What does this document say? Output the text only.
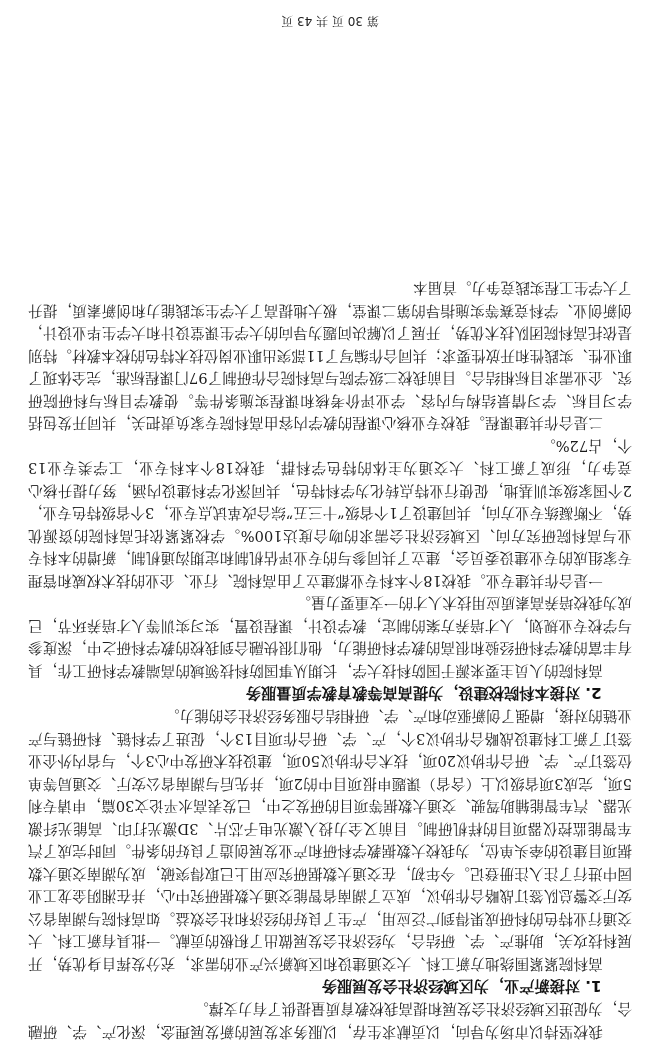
我校坚持以市场为导向，以贡献求生存，以服务求发展的新发展理念，深化产、学、研融合，为促进区域经济社会发展和提高我校教育质量提供了有力支撑。

1. 对接新产业，为区域经济社会发展服务

高科院紧紧围绕地方新工科、大交通建设和区域新兴产业的需求，充分发挥自身优势，开展科技攻关，助推产、学、研结合，为经济社会发展做出了积极的贡献。一批具有新工科、大交通行业特色的科研成果得到广泛应用，产生了良好的经济和社会效益。如高科院与湖南省公安厅交警总队签订战略合作协议，成立了湖南省智能交通大数据研究中心，并在湘阴金龙工业园中进行了注入注册登记。今年初，在交通大数据研究应用上已取得突破，成为湖南交通大数据项目建设的牵头单位，为我校大数据教学科研和产业发展创造了良好的条件。同时完成了汽车智能监控仪器项目的样机研制。目前又全力投入激光电子芯片、3D激光打印、高能光纤激光器、汽车智能辅助驾驶、交通大数据等项目的研发之中，已发表高水平论文30篇，申请专利5项，完成3项省级以上（含省）课题申报项目中的2项，并先后与湖南省公安厅、交通局等单位签订产、学、研合作协议20项，技术合作协议50项，建设技术研发中心3个，与省内外企业签订了新工科建设战略合作协议3个，产、学、研合作项目13个，促进了学科链、科研链与产业链的对接，增强了创新驱动和产、学、研相结合服务经济社会的能力。

2. 对接本科院校建设，为提高高等教育教学质量服务

高科院的人员主要来源于国防科技大学，长期从事国防科技领域的高端教学科研工作，具有丰富的教学科研经验和很高的教学科研能力，他们很快融合到我校的教学科研之中，深度参与学校专业规划，人才培养方案的制定，教学设计，课程设置，实习实训等人才培养环节，已成为我校培养高素质应用技术人才的一支重要力量。

一是合作共建专业。我校18个本科专业都建立了由高科院、行业、企业的技术权威和管理专家组成的专业建设委员会，建立了共同参与的专业评估机制和定期沟通机制，新增的本科专业与高科院研究方向、区域经济社会需求的吻合度达100%。学校紧紧依托高科院的资源优势，不断凝练专业方向，共同建设了1个省级“十三五”综合改革试点专业，3个省级特色专业，2个国家级实训基地，促使行业特点转化为学科特色，共同深化学科建设内涵，努力提升核心竞争力，形成了新工科、大交通为主体的特色学科群，我校18个本科专业，工学类专业13个，占72%。

二是合作共建课程。我校专业核心课程的教学内容由高科院专家负责把关，共同开发包括学习目标、学习情景结构与内容、学业评价考核和课程实施条件等。使教学目标与科研院研究、企业需求目标相结合。目前我校二级学院与高科院合作研制了97门课程标准，完全体现了职业性、实践性和开放性要求；共同合作编写了11部突出职业岗位技术特色的校本教材。特别是依托高科院团队技术优势，开展了以解决问题为导向的大学生课堂设计和大学生毕业设计，创新创业、学科竞赛等实施指导的第二课堂，极大地提高了大学生实践能力和创新素质，提升了大学生工程实践竞争力。首届本

第 30 页 共 43 页
